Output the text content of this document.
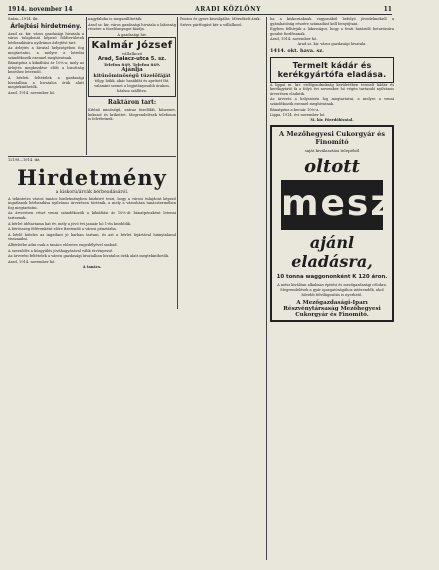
1914. november 14	ARADI KÖZLÖNY	11
Szám—1914. ikt.
Árlejtési hirdetmény.

Arad sz. kir. város gazdasági hivatala a város tulajdonát képező földterületek bérbeadására nyilvános árlejtést tart.

Az árlejtés a hivatal helyiségében fog megtartatni, a melyre a bérelni szándékozók ezennel meghivatnak.

Bánatpénz a kikiáltási ár 10%-a, mely az árlejtés megkezdése előtt a bizottság kezeihez leteendő.

A bérleti feltételek a gazdasági hivatalban a hivatalos órák alatt megtekinthetők.

Arad, 1914. november hó.

nagyfaluba is megszállították.

Arad sz. kir. város gazdasági hivatala a lakosság részére a tüzelőanyagot kiadja.

A gazdasági hiv.
Kalmár József
vállalkozó
Arad, Salacz-utca 5. sz.
Telefon 849. Telefon 849.
Ajánlja
kitűnőminőségű tüzelőfáját

tölgy, bükk, akác hasábfát és aprított fát, valamint szenet a legjutányosabb árakon, házhoz szállítva.

Raktáron tart:

Kitűnő minőségű, száraz tüzelőfát, kőszenet, kokszot és brikettet. Megrendelések telefonon is felvétetnek.

Pontos és gyors kiszolgálás. Mérsékelt árak.

Szíves pártfogást kér a vállalkozó.

12198—1914. ikt.
Hirdetmény
a kiskorú/árvák bérbeadásáról.

A tekintetes városi tanács hirdetményben közhírré teszi, hogy a városi tulajdont képező ingatlanok bérbeadása nyilvános árverésen történik, a mely a városháza tanácstermében fog megtartatni.

Az árverésen részt venni szándékozók a kikiáltási ár 10%-át bánatpénzként letenni tartoznak.

A bérlet időtartama hat év, mely a jövő évi január hó 1-én kezdődik.

A bérösszeg félévenként előre fizetendő a városi pénztárba.

A bérlő köteles az ingatlant jó karban tartani, és azt a bérlet lejártával hiánytalanul visszaadni.

Albérletbe adni csak a tanács előzetes engedélyével szabad.

A szerződés a közgyűlés jóváhagyásával válik érvényessé.

Az árverési feltételek a városi gazdasági hivatalban hivatalos órák alatt megtekinthetők.

Arad, 1914. november hó.

A tanács.

ha a kiskorúaknak vagyonából befolyó jövedelmekről a gyámhatóság részére számadást kell benyújtani.

Egyben felhívjuk a lakosságot, hogy a fenti határidő betartására gondot fordítsanak.

Arad, 1914. november hó.
Arad sz. kir. város gazdasági hivatala.
1414. okt. hava. sz.
Termelt kádár és kerékgyártófa eladása.

A lippai m. kir. erdőgondnokság kerületében termelt kádár és kerékgyártó fa a folyó évi november hó végén tartandó nyilvános árverésen eladatik.

Az árverés a helyszínén fog megtartatni, a melyre a venni szándékozók ezennel meghivatnak.

Bánatpénz a becsár 10%-a.

Lippa, 1914. évi november hó.
M. kir. Főerdőhivatal.
A Mezőhegyesi Cukorgyár és Finomító
saját kiválasztási telepéből
oltott
meszet
ajánl eladásra,
10 tonna waggononként K 120 áron.

A mész kiválóan alkalmas épitési és mezőgazdasági célokra. Megrendelések a gyár igazgatóságához intézendők, ahol bővebb felvilágosítás is nyerhető.

A Mezőgazdasági-Iparı Részvénytársaság Mezőhegyesi Cukorgyár és Finomító.
